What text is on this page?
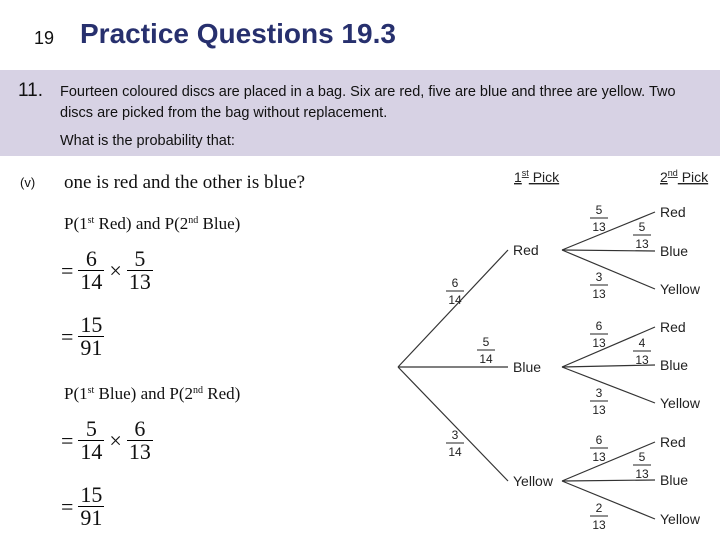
19 Practice Questions 19.3
11. Fourteen coloured discs are placed in a bag. Six are red, five are blue and three are yellow. Two discs are picked from the bag without replacement.
What is the probability that:
(v) one is red and the other is blue?
P(1st Red) and P(2nd Blue)
= $\frac{6}{14} \times \frac{5}{13}$
= $\frac{15}{91}$
P(1st Blue) and P(2nd Red)
= $\frac{5}{14} \times \frac{6}{13}$
= $\frac{15}{91}$
1st Pick	2nd Pick
6
14
Red
5
13
Red
5
13 Blue
3
13	Yellow
5
14 Blue
6
13
Red
4
13 Blue
3
13	Yellow
3
14
Yellow
6
13
Red
5
13 Blue
2
13	Yellow
